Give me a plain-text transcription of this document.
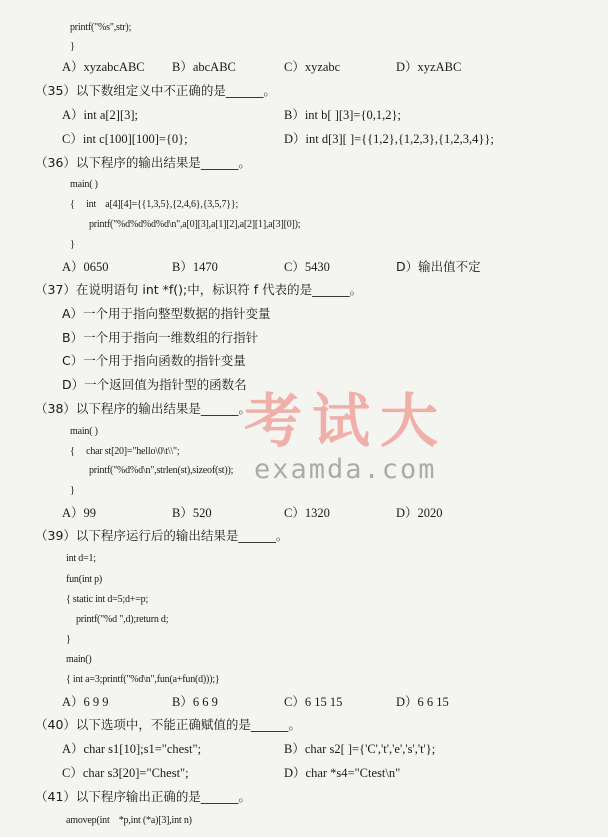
printf("%s",str);
}
A）xyzabcABC B）abcABC	C）xyzabc	D）xyzABC
（35）以下数组定义中不正确的是______。
A）int a[2][3];	B）int b[ ][3]={0,1,2};
C）int c[100][100]={0};	D）int d[3][ ]={{1,2},{1,2,3},{1,2,3,4}};
（36）以下程序的输出结果是______。
main( )
{     int    a[4][4]={{1,3,5},{2,4,6},{3,5,7}};
printf("%d%d%d%d\n",a[0][3],a[1][2],a[2][1],a[3][0]);
}
A）0650	B）1470	C）5430	D）输出值不定
（37）在说明语句 int *f();中，标识符 f 代表的是______。
A）一个用于指向整型数据的指针变量
B）一个用于指向一维数组的行指针
C）一个用于指向函数的指针变量
D）一个返回值为指针型的函数名
考试大
examda.com
（38）以下程序的输出结果是______。
main( )
{     char st[20]="hello\0\t\\";
printf("%d%d\n",strlen(st),sizeof(st));
}
A）99	B）520	C）1320	D）2020
（39）以下程序运行后的输出结果是______。
int d=1;
fun(int p)
{ static int d=5;d+=p;
printf("%d ",d);return d;
}
main()
{ int a=3;printf("%d\n",fun(a+fun(d)));}
A）6 9 9	B）6 6 9	C）6 15 15	D）6 6 15
（40）以下选项中，不能正确赋值的是______。
A）char s1[10];s1="chest";	B）char s2[ ]={'C','t','e','s','t'};
C）char s3[20]="Chest";	D）char *s4="Ctest\n"
（41）以下程序输出正确的是______。
amovep(int    *p,int (*a)[3],int n)
